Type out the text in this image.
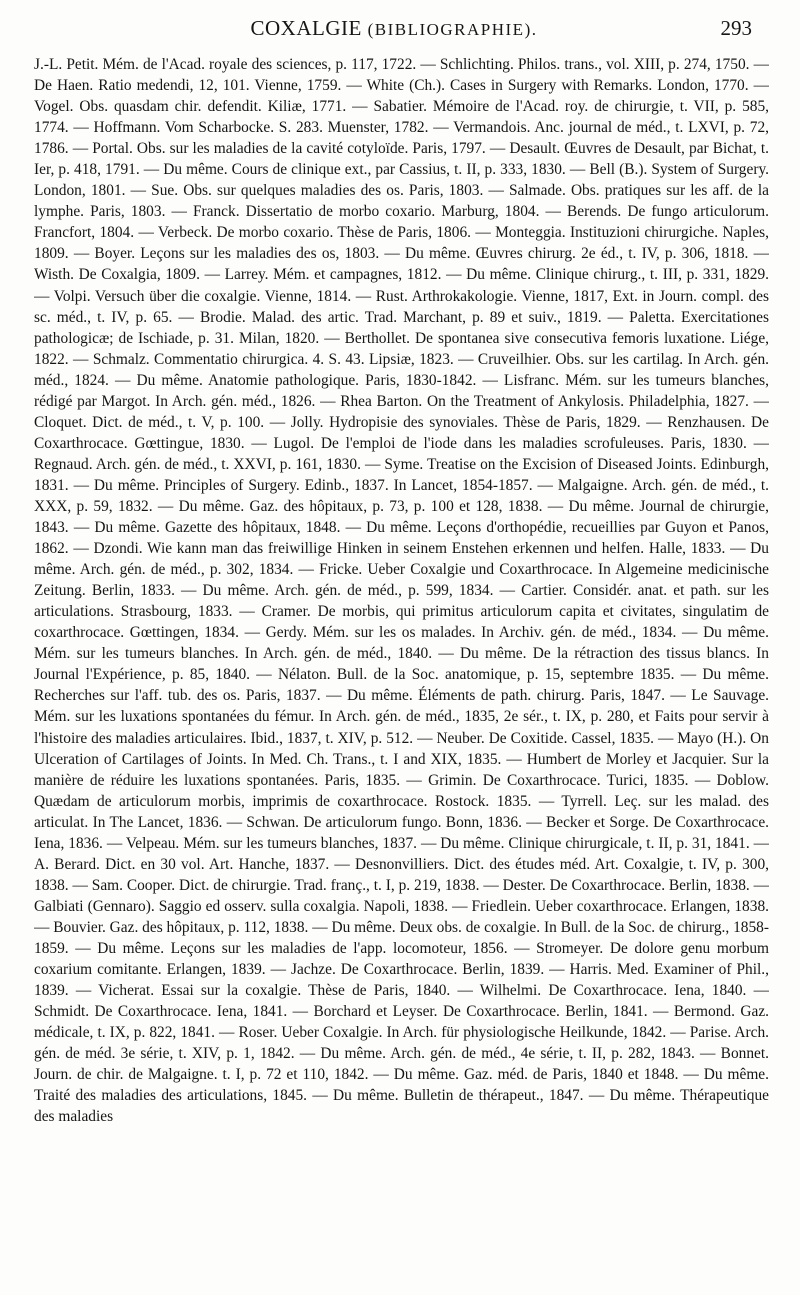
COXALGIE (BIBLIOGRAPHIE).	293

J.-L. Petit. Mém. de l'Acad. royale des sciences, p. 117, 1722. — Schlichting. Philos. trans., vol. XIII, p. 274, 1750. — De Haen. Ratio medendi, 12, 101. Vienne, 1759. — White (Ch.). Cases in Surgery with Remarks. London, 1770. — Vogel. Obs. quasdam chir. defendit. Kiliæ, 1771. — Sabatier. Mémoire de l'Acad. roy. de chirurgie, t. VII, p. 585, 1774. — Hoffmann. Vom Scharbocke. S. 283. Muenster, 1782. — Vermandois. Anc. journal de méd., t. LXVI, p. 72, 1786. — Portal. Obs. sur les maladies de la cavité cotyloïde. Paris, 1797. — Desault. Œuvres de Desault, par Bichat, t. Ier, p. 418, 1791. — Du même. Cours de clinique ext., par Cassius, t. II, p. 333, 1830. — Bell (B.). System of Surgery. London, 1801. — Sue. Obs. sur quelques maladies des os. Paris, 1803. — Salmade. Obs. pratiques sur les aff. de la lymphe. Paris, 1803. — Franck. Dissertatio de morbo coxario. Marburg, 1804. — Berends. De fungo articulorum. Francfort, 1804. — Verbeck. De morbo coxario. Thèse de Paris, 1806. — Monteggia. Instituzioni chirurgiche. Naples, 1809. — Boyer. Leçons sur les maladies des os, 1803. — Du même. Œuvres chirurg. 2e éd., t. IV, p. 306, 1818. — Wisth. De Coxalgia, 1809. — Larrey. Mém. et campagnes, 1812. — Du même. Clinique chirurg., t. III, p. 331, 1829. — Volpi. Versuch über die coxalgie. Vienne, 1814. — Rust. Arthrokakologie. Vienne, 1817, Ext. in Journ. compl. des sc. méd., t. IV, p. 65. — Brodie. Malad. des artic. Trad. Marchant, p. 89 et suiv., 1819. — Paletta. Exercitationes pathologicæ; de Ischiade, p. 31. Milan, 1820. — Berthollet. De spontanea sive consecutiva femoris luxatione. Liége, 1822. — Schmalz. Commentatio chirurgica. 4. S. 43. Lipsiæ, 1823. — Cruveilhier. Obs. sur les cartilag. In Arch. gén. méd., 1824. — Du même. Anatomie pathologique. Paris, 1830-1842. — Lisfranc. Mém. sur les tumeurs blanches, rédigé par Margot. In Arch. gén. méd., 1826. — Rhea Barton. On the Treatment of Ankylosis. Philadelphia, 1827. — Cloquet. Dict. de méd., t. V, p. 100. — Jolly. Hydropisie des synoviales. Thèse de Paris, 1829. — Renzhausen. De Coxarthrocace. Gœttingue, 1830. — Lugol. De l'emploi de l'iode dans les maladies scrofuleuses. Paris, 1830. — Regnaud. Arch. gén. de méd., t. XXVI, p. 161, 1830. — Syme. Treatise on the Excision of Diseased Joints. Edinburgh, 1831. — Du même. Principles of Surgery. Edinb., 1837. In Lancet, 1854-1857. — Malgaigne. Arch. gén. de méd., t. XXX, p. 59, 1832. — Du même. Gaz. des hôpitaux, p. 73, p. 100 et 128, 1838. — Du même. Journal de chirurgie, 1843. — Du même. Gazette des hôpitaux, 1848. — Du même. Leçons d'orthopédie, recueillies par Guyon et Panos, 1862. — Dzondi. Wie kann man das freiwillige Hinken in seinem Enstehen erkennen und helfen. Halle, 1833. — Du même. Arch. gén. de méd., p. 302, 1834. — Fricke. Ueber Coxalgie und Coxarthrocace. In Algemeine medicinische Zeitung. Berlin, 1833. — Du même. Arch. gén. de méd., p. 599, 1834. — Cartier. Considér. anat. et path. sur les articulations. Strasbourg, 1833. — Cramer. De morbis, qui primitus articulorum capita et civitates, singulatim de coxarthrocace. Gœttingen, 1834. — Gerdy. Mém. sur les os malades. In Archiv. gén. de méd., 1834. — Du même. Mém. sur les tumeurs blanches. In Arch. gén. de méd., 1840. — Du même. De la rétraction des tissus blancs. In Journal l'Expérience, p. 85, 1840. — Nélaton. Bull. de la Soc. anatomique, p. 15, septembre 1835. — Du même. Recherches sur l'aff. tub. des os. Paris, 1837. — Du même. Éléments de path. chirurg. Paris, 1847. — Le Sauvage. Mém. sur les luxations spontanées du fémur. In Arch. gén. de méd., 1835, 2e sér., t. IX, p. 280, et Faits pour servir à l'histoire des maladies articulaires. Ibid., 1837, t. XIV, p. 512. — Neuber. De Coxitide. Cassel, 1835. — Mayo (H.). On Ulceration of Cartilages of Joints. In Med. Ch. Trans., t. I and XIX, 1835. — Humbert de Morley et Jacquier. Sur la manière de réduire les luxations spontanées. Paris, 1835. — Grimin. De Coxarthrocace. Turici, 1835. — Doblow. Quædam de articulorum morbis, imprimis de coxarthrocace. Rostock. 1835. — Tyrrell. Leç. sur les malad. des articulat. In The Lancet, 1836. — Schwan. De articulorum fungo. Bonn, 1836. — Becker et Sorge. De Coxarthrocace. Iena, 1836. — Velpeau. Mém. sur les tumeurs blanches, 1837. — Du même. Clinique chirurgicale, t. II, p. 31, 1841. — A. Berard. Dict. en 30 vol. Art. Hanche, 1837. — Desnonvilliers. Dict. des études méd. Art. Coxalgie, t. IV, p. 300, 1838. — Sam. Cooper. Dict. de chirurgie. Trad. franç., t. I, p. 219, 1838. — Dester. De Coxarthrocace. Berlin, 1838. — Galbiati (Gennaro). Saggio ed osserv. sulla coxalgia. Napoli, 1838. — Friedlein. Ueber coxarthrocace. Erlangen, 1838. — Bouvier. Gaz. des hôpitaux, p. 112, 1838. — Du même. Deux obs. de coxalgie. In Bull. de la Soc. de chirurg., 1858-1859. — Du même. Leçons sur les maladies de l'app. locomoteur, 1856. — Stromeyer. De dolore genu morbum coxarium comitante. Erlangen, 1839. — Jachze. De Coxarthrocace. Berlin, 1839. — Harris. Med. Examiner of Phil., 1839. — Vicherat. Essai sur la coxalgie. Thèse de Paris, 1840. — Wilhelmi. De Coxarthrocace. Iena, 1840. — Schmidt. De Coxarthrocace. Iena, 1841. — Borchard et Leyser. De Coxarthrocace. Berlin, 1841. — Bermond. Gaz. médicale, t. IX, p. 822, 1841. — Roser. Ueber Coxalgie. In Arch. für physiologische Heilkunde, 1842. — Parise. Arch. gén. de méd. 3e série, t. XIV, p. 1, 1842. — Du même. Arch. gén. de méd., 4e série, t. II, p. 282, 1843. — Bonnet. Journ. de chir. de Malgaigne. t. I, p. 72 et 110, 1842. — Du même. Gaz. méd. de Paris, 1840 et 1848. — Du même. Traité des maladies des articulations, 1845. — Du même. Bulletin de thérapeut., 1847. — Du même. Thérapeutique des maladies
